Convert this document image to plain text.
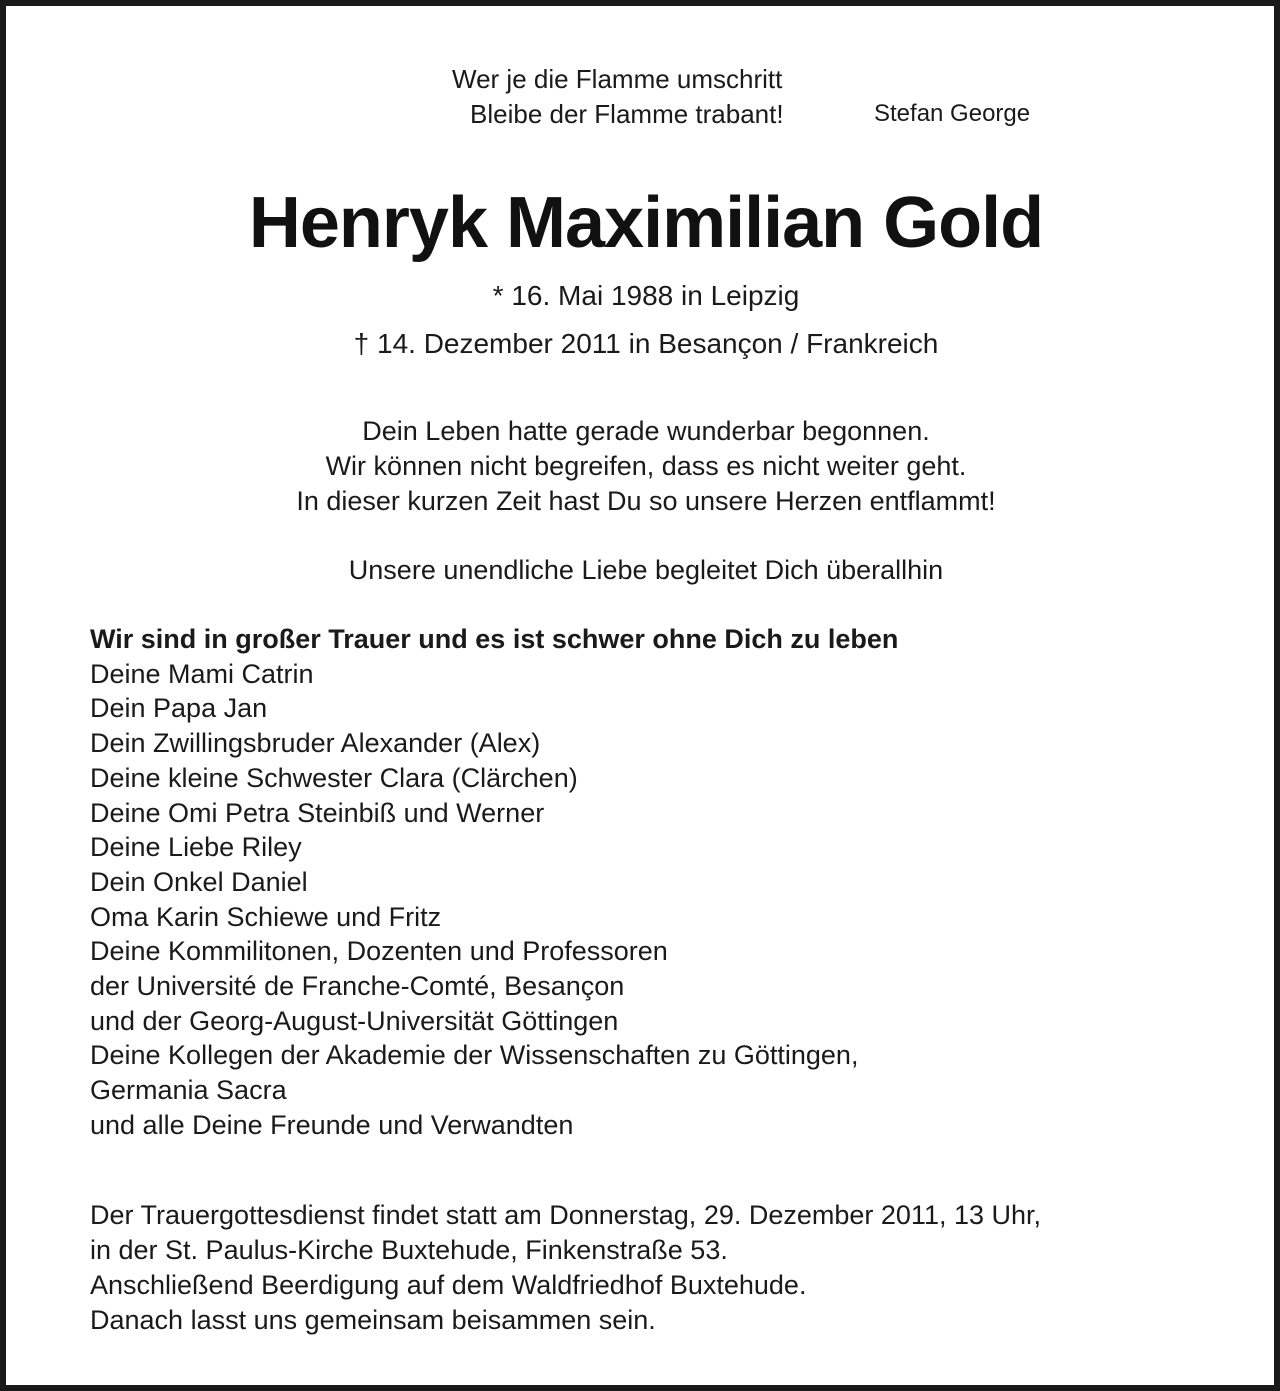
Wer je die Flamme umschritt
Bleibe der Flamme trabant!	Stefan George
Henryk Maximilian Gold
* 16. Mai 1988 in Leipzig
† 14. Dezember 2011 in Besançon / Frankreich
Dein Leben hatte gerade wunderbar begonnen.
Wir können nicht begreifen, dass es nicht weiter geht.
In dieser kurzen Zeit hast Du so unsere Herzen entflammt!
Unsere unendliche Liebe begleitet Dich überallhin
Wir sind in großer Trauer und es ist schwer ohne Dich zu leben
Deine Mami Catrin
Dein Papa Jan
Dein Zwillingsbruder Alexander (Alex)
Deine kleine Schwester Clara (Clärchen)
Deine Omi Petra Steinbiß und Werner
Deine Liebe Riley
Dein Onkel Daniel
Oma Karin Schiewe und Fritz
Deine Kommilitonen, Dozenten und Professoren
der Université de Franche-Comté, Besançon
und der Georg-August-Universität Göttingen
Deine Kollegen der Akademie der Wissenschaften zu Göttingen,
Germania Sacra
und alle Deine Freunde und Verwandten
Der Trauergottesdienst findet statt am Donnerstag, 29. Dezember 2011, 13 Uhr,
in der St. Paulus-Kirche Buxtehude, Finkenstraße 53.
Anschließend Beerdigung auf dem Waldfriedhof Buxtehude.
Danach lasst uns gemeinsam beisammen sein.
